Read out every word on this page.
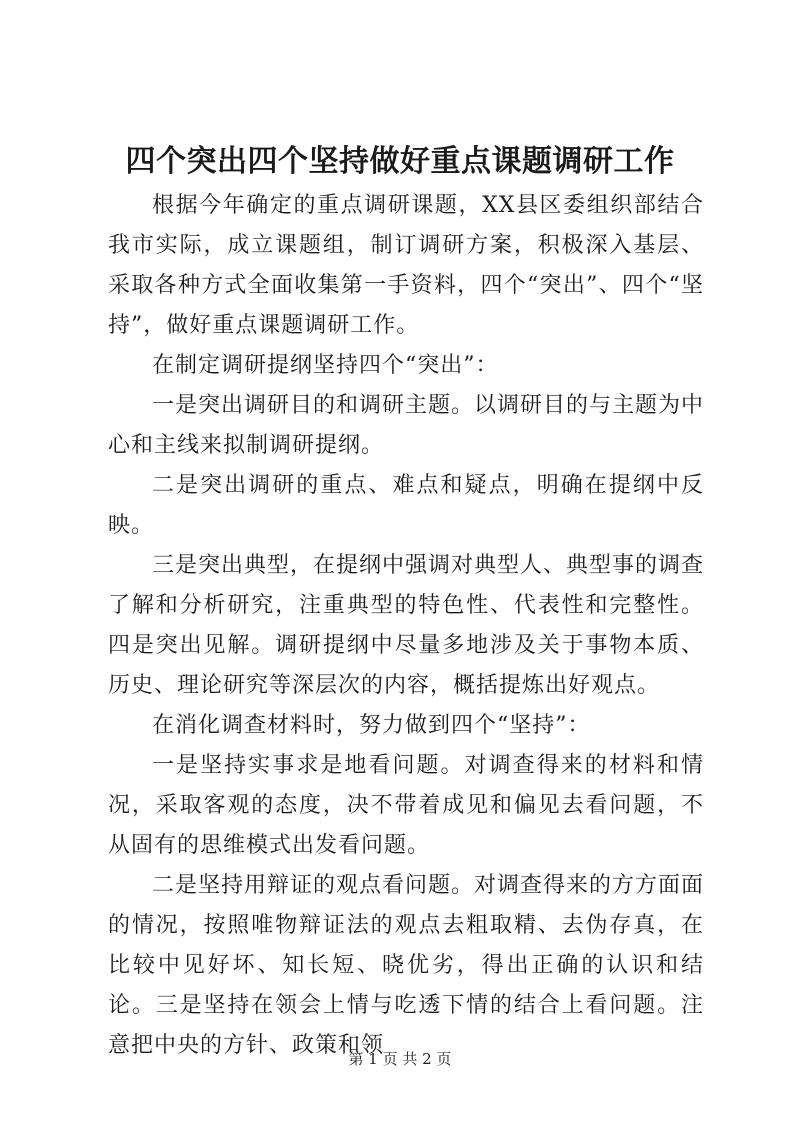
四个突出四个坚持做好重点课题调研工作

根据今年确定的重点调研课题，XX县区委组织部结合我市实际，成立课题组，制订调研方案，积极深入基层、采取各种方式全面收集第一手资料，四个“突出”、四个“坚持”，做好重点课题调研工作。

在制定调研提纲坚持四个“突出”：

一是突出调研目的和调研主题。以调研目的与主题为中心和主线来拟制调研提纲。

二是突出调研的重点、难点和疑点，明确在提纲中反映。

三是突出典型，在提纲中强调对典型人、典型事的调查了解和分析研究，注重典型的特色性、代表性和完整性。四是突出见解。调研提纲中尽量多地涉及关于事物本质、历史、理论研究等深层次的内容，概括提炼出好观点。

在消化调查材料时，努力做到四个“坚持”：

一是坚持实事求是地看问题。对调查得来的材料和情况，采取客观的态度，决不带着成见和偏见去看问题，不从固有的思维模式出发看问题。

二是坚持用辩证的观点看问题。对调查得来的方方面面的情况，按照唯物辩证法的观点去粗取精、去伪存真，在比较中见好坏、知长短、晓优劣，得出正确的认识和结论。三是坚持在领会上情与吃透下情的结合上看问题。注意把中央的方针、政策和领

第 1 页 共 2 页
